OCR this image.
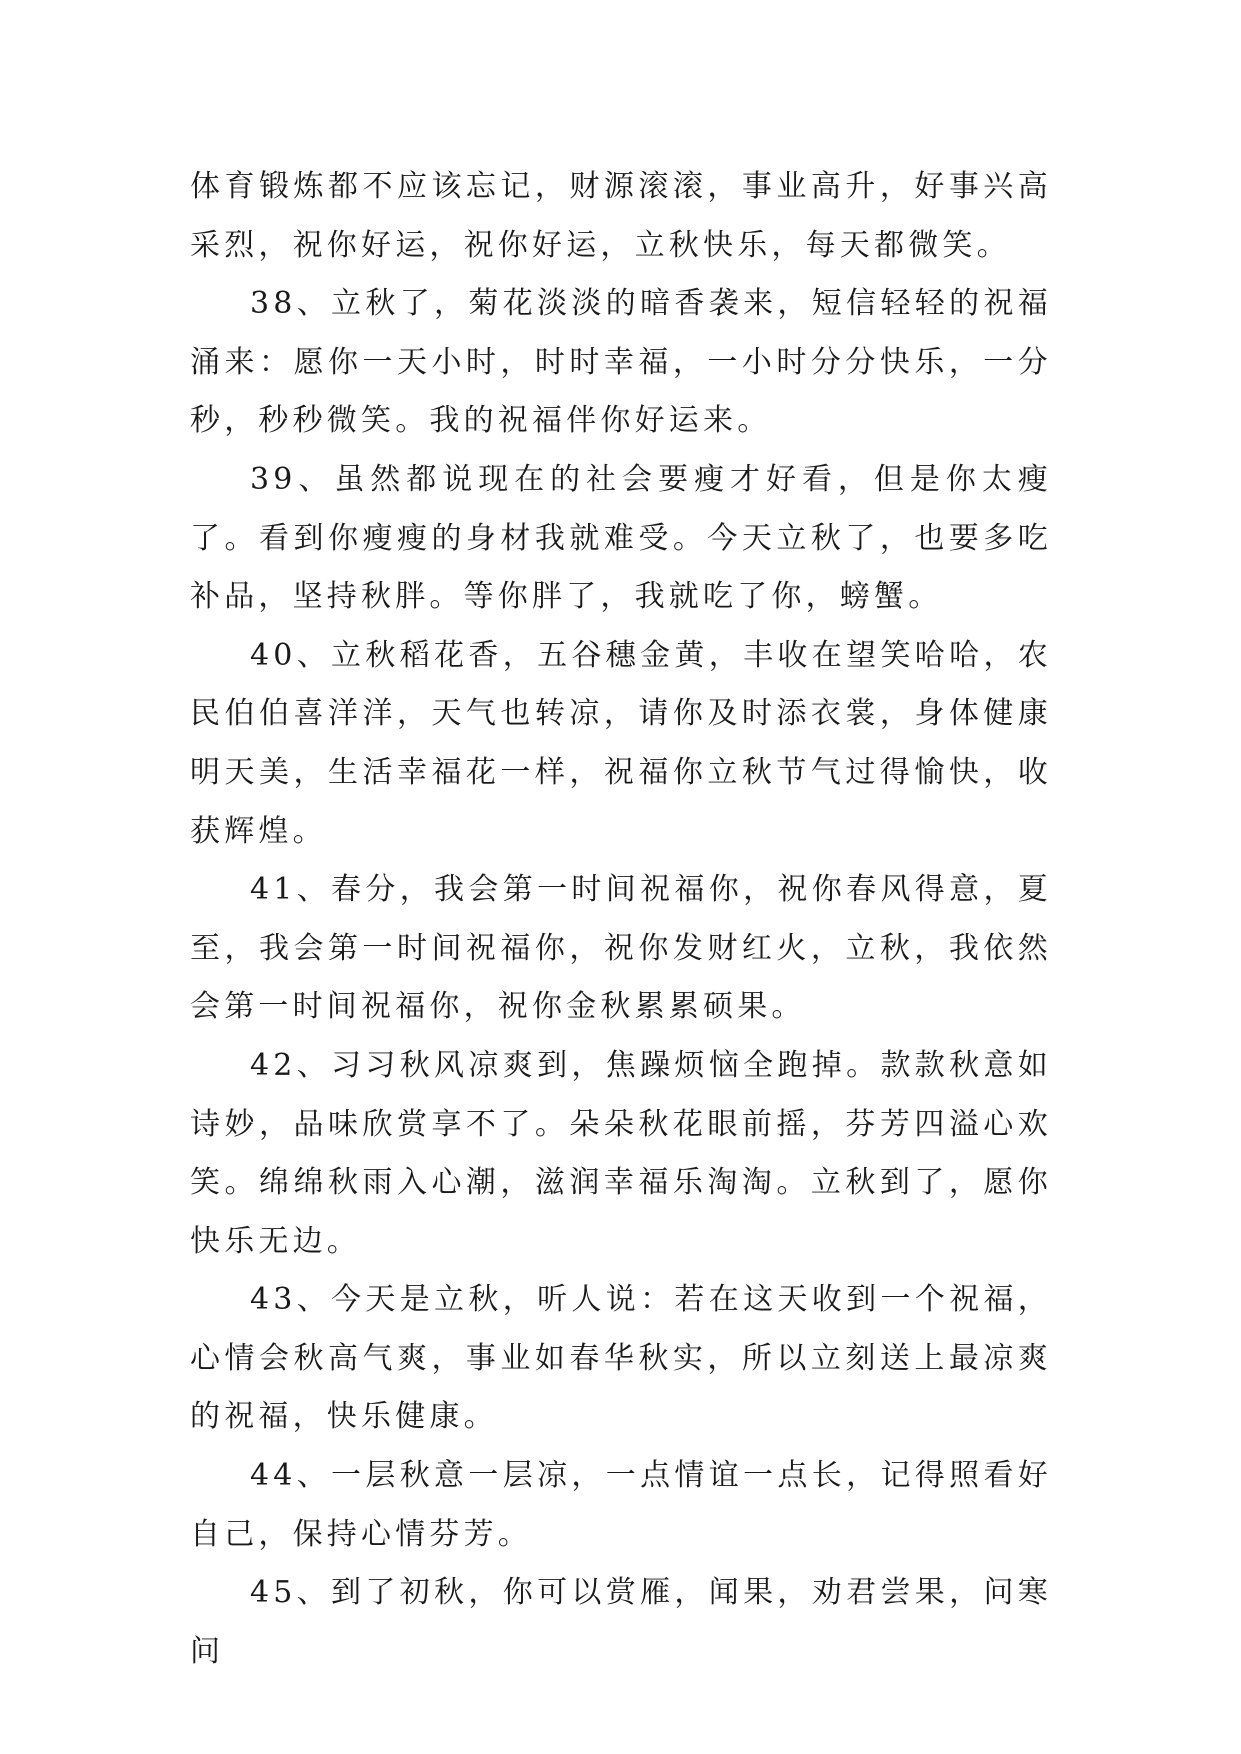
体育锻炼都不应该忘记，财源滚滚，事业高升，好事兴高采烈，祝你好运，祝你好运，立秋快乐，每天都微笑。

38、立秋了，菊花淡淡的暗香袭来，短信轻轻的祝福涌来：愿你一天小时，时时幸福，一小时分分快乐，一分秒，秒秒微笑。我的祝福伴你好运来。

39、虽然都说现在的社会要瘦才好看，但是你太瘦了。看到你瘦瘦的身材我就难受。今天立秋了，也要多吃补品，坚持秋胖。等你胖了，我就吃了你，螃蟹。

40、立秋稻花香，五谷穗金黄，丰收在望笑哈哈，农民伯伯喜洋洋，天气也转凉，请你及时添衣裳，身体健康明天美，生活幸福花一样，祝福你立秋节气过得愉快，收获辉煌。

41、春分，我会第一时间祝福你，祝你春风得意，夏至，我会第一时间祝福你，祝你发财红火，立秋，我依然会第一时间祝福你，祝你金秋累累硕果。

42、习习秋风凉爽到，焦躁烦恼全跑掉。款款秋意如诗妙，品味欣赏享不了。朵朵秋花眼前摇，芬芳四溢心欢笑。绵绵秋雨入心潮，滋润幸福乐淘淘。立秋到了，愿你快乐无边。

43、今天是立秋，听人说：若在这天收到一个祝福，心情会秋高气爽，事业如春华秋实，所以立刻送上最凉爽的祝福，快乐健康。

44、一层秋意一层凉，一点情谊一点长，记得照看好自己，保持心情芬芳。

45、到了初秋，你可以赏雁，闻果，劝君尝果，问寒问
